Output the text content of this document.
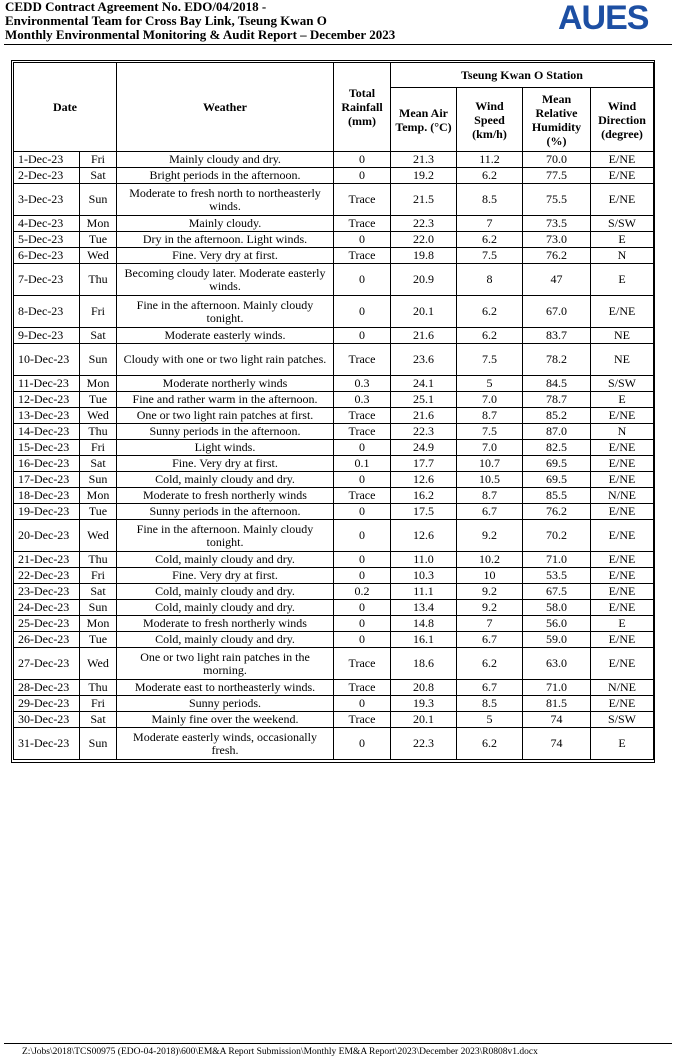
CEDD Contract Agreement No. EDO/04/2018 -
Environmental Team for Cross Bay Link, Tseung Kwan O
Monthly Environmental Monitoring & Audit Report – December 2023	AUES
Date		Weather	Total Rainfall (mm)	Tseung Kwan O Station			
				Mean Air Temp. (°C)	Wind Speed (km/h)	Mean Relative Humidity (%)	Wind Direction (degree)
1-Dec-23	Fri	Mainly cloudy and dry.	0	21.3	11.2	70.0	E/NE
2-Dec-23	Sat	Bright periods in the afternoon.	0	19.2	6.2	77.5	E/NE
3-Dec-23	Sun	Moderate to fresh north to northeasterly winds.	Trace	21.5	8.5	75.5	E/NE
4-Dec-23	Mon	Mainly cloudy.	Trace	22.3	7	73.5	S/SW
5-Dec-23	Tue	Dry in the afternoon. Light winds.	0	22.0	6.2	73.0	E
6-Dec-23	Wed	Fine. Very dry at first.	Trace	19.8	7.5	76.2	N
7-Dec-23	Thu	Becoming cloudy later. Moderate easterly winds.	0	20.9	8	47	E
8-Dec-23	Fri	Fine in the afternoon. Mainly cloudy tonight.	0	20.1	6.2	67.0	E/NE
9-Dec-23	Sat	Moderate easterly winds.	0	21.6	6.2	83.7	NE
10-Dec-23	Sun	Cloudy with one or two light rain patches.	Trace	23.6	7.5	78.2	NE
11-Dec-23	Mon	Moderate northerly winds	0.3	24.1	5	84.5	S/SW
12-Dec-23	Tue	Fine and rather warm in the afternoon.	0.3	25.1	7.0	78.7	E
13-Dec-23	Wed	One or two light rain patches at first.	Trace	21.6	8.7	85.2	E/NE
14-Dec-23	Thu	Sunny periods in the afternoon.	Trace	22.3	7.5	87.0	N
15-Dec-23	Fri	Light winds.	0	24.9	7.0	82.5	E/NE
16-Dec-23	Sat	Fine. Very dry at first.	0.1	17.7	10.7	69.5	E/NE
17-Dec-23	Sun	Cold, mainly cloudy and dry.	0	12.6	10.5	69.5	E/NE
18-Dec-23	Mon	Moderate to fresh northerly winds	Trace	16.2	8.7	85.5	N/NE
19-Dec-23	Tue	Sunny periods in the afternoon.	0	17.5	6.7	76.2	E/NE
20-Dec-23	Wed	Fine in the afternoon. Mainly cloudy tonight.	0	12.6	9.2	70.2	E/NE
21-Dec-23	Thu	Cold, mainly cloudy and dry.	0	11.0	10.2	71.0	E/NE
22-Dec-23	Fri	Fine. Very dry at first.	0	10.3	10	53.5	E/NE
23-Dec-23	Sat	Cold, mainly cloudy and dry.	0.2	11.1	9.2	67.5	E/NE
24-Dec-23	Sun	Cold, mainly cloudy and dry.	0	13.4	9.2	58.0	E/NE
25-Dec-23	Mon	Moderate to fresh northerly winds	0	14.8	7	56.0	E
26-Dec-23	Tue	Cold, mainly cloudy and dry.	0	16.1	6.7	59.0	E/NE
27-Dec-23	Wed	One or two light rain patches in the morning.	Trace	18.6	6.2	63.0	E/NE
28-Dec-23	Thu	Moderate east to northeasterly winds.	Trace	20.8	6.7	71.0	N/NE
29-Dec-23	Fri	Sunny periods.	0	19.3	8.5	81.5	E/NE
30-Dec-23	Sat	Mainly fine over the weekend.	Trace	20.1	5	74	S/SW
31-Dec-23	Sun	Moderate easterly winds, occasionally fresh.	0	22.3	6.2	74	E
Z:\Jobs\2018\TCS00975 (EDO-04-2018)\600\EM&A Report Submission\Monthly EM&A Report\2023\December 2023\R0808v1.docx
